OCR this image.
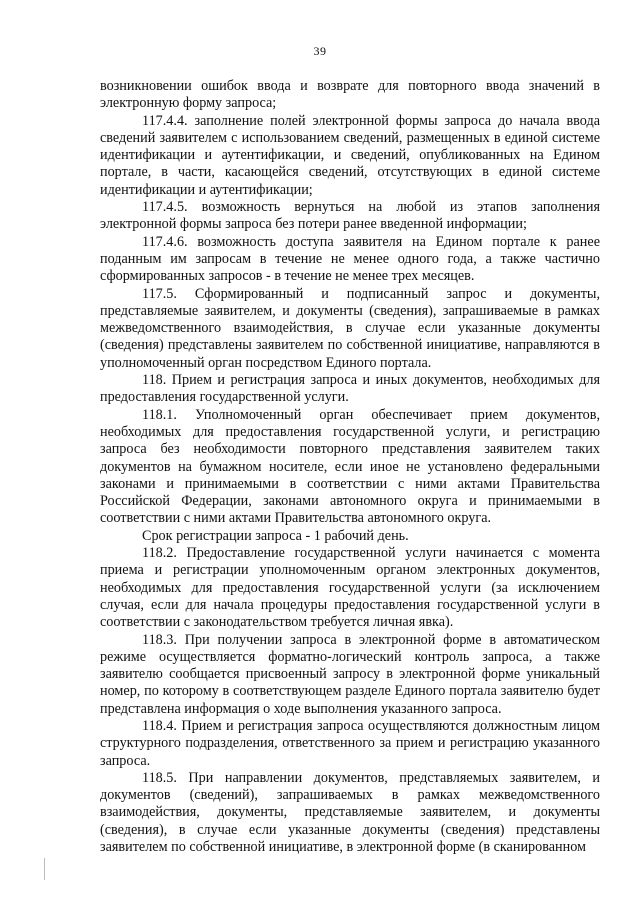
39

возникновении ошибок ввода и возврате для повторного ввода значений в электронную форму запроса;

117.4.4. заполнение полей электронной формы запроса до начала ввода сведений заявителем с использованием сведений, размещенных в единой системе идентификации и аутентификации, и сведений, опубликованных на Едином портале, в части, касающейся сведений, отсутствующих в единой системе идентификации и аутентификации;

117.4.5. возможность вернуться на любой из этапов заполнения электронной формы запроса без потери ранее введенной информации;

117.4.6. возможность доступа заявителя на Едином портале к ранее поданным им запросам в течение не менее одного года, а также частично сформированных запросов - в течение не менее трех месяцев.

117.5. Сформированный и подписанный запрос и документы, представляемые заявителем, и документы (сведения), запрашиваемые в рамках межведомственного взаимодействия, в случае если указанные документы (сведения) представлены заявителем по собственной инициативе, направляются в уполномоченный орган посредством Единого портала.

118. Прием и регистрация запроса и иных документов, необходимых для предоставления государственной услуги.

118.1. Уполномоченный орган обеспечивает прием документов, необходимых для предоставления государственной услуги, и регистрацию запроса без необходимости повторного представления заявителем таких документов на бумажном носителе, если иное не установлено федеральными законами и принимаемыми в соответствии с ними актами Правительства Российской Федерации, законами автономного округа и принимаемыми в соответствии с ними актами Правительства автономного округа.

Срок регистрации запроса - 1 рабочий день.

118.2. Предоставление государственной услуги начинается с момента приема и регистрации уполномоченным органом электронных документов, необходимых для предоставления государственной услуги (за исключением случая, если для начала процедуры предоставления государственной услуги в соответствии с законодательством требуется личная явка).

118.3. При получении запроса в электронной форме в автоматическом режиме осуществляется форматно-логический контроль запроса, а также заявителю сообщается присвоенный запросу в электронной форме уникальный номер, по которому в соответствующем разделе Единого портала заявителю будет представлена информация о ходе выполнения указанного запроса.

118.4. Прием и регистрация запроса осуществляются должностным лицом структурного подразделения, ответственного за прием и регистрацию указанного запроса.

118.5. При направлении документов, представляемых заявителем, и документов (сведений), запрашиваемых в рамках межведомственного взаимодействия, документы, представляемые заявителем, и документы (сведения), в случае если указанные документы (сведения) представлены заявителем по собственной инициативе, в электронной форме (в сканированном
